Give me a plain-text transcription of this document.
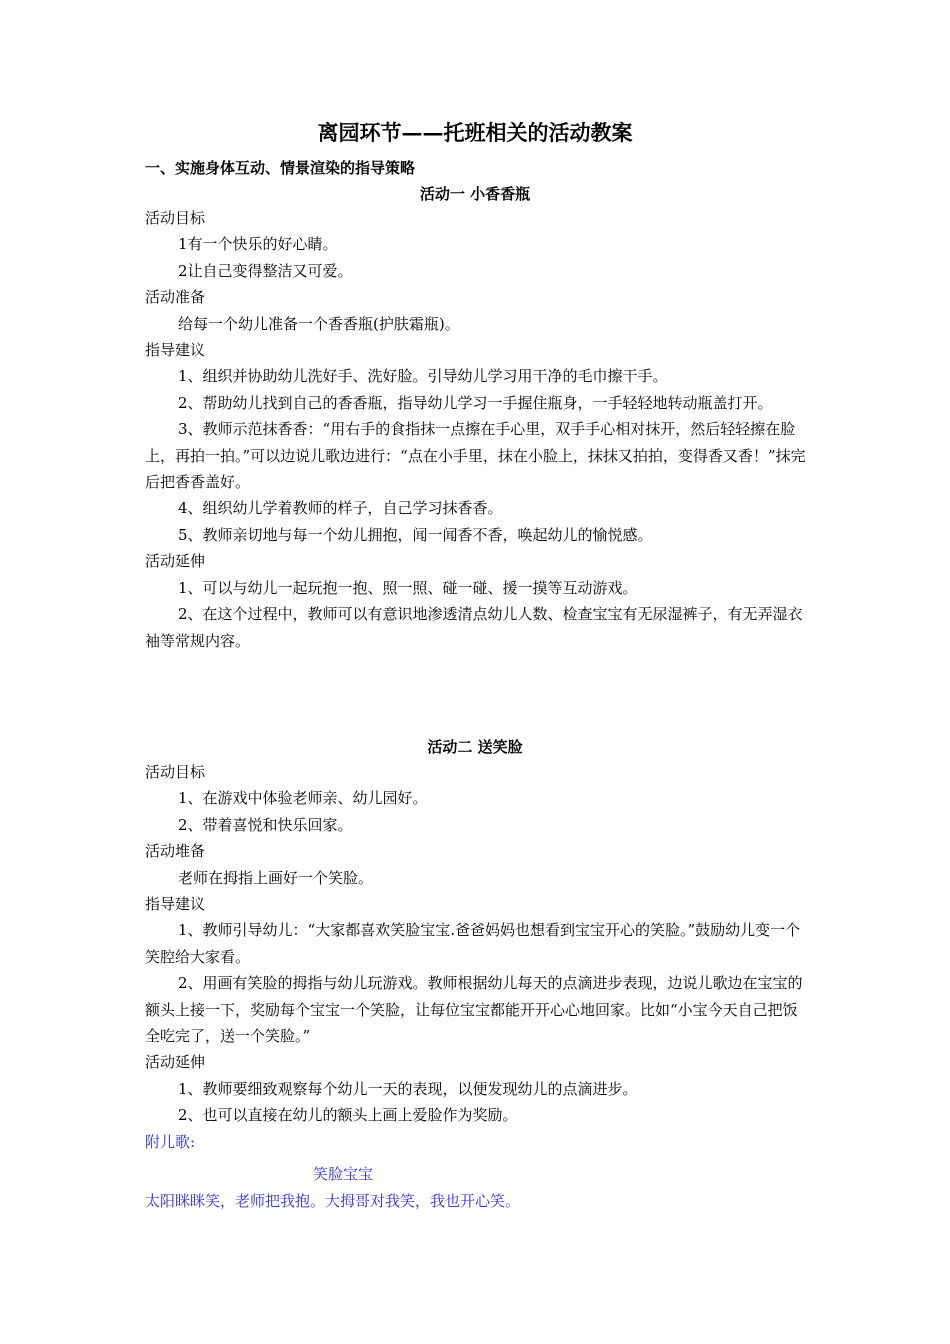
离园环节——托班相关的活动教案
一、实施身体互动、情景渲染的指导策略
活动一 小香香瓶

活动目标

1有一个快乐的好心睛。

2让自己变得整洁又可爱。

活动准备

给每一个幼儿准备一个香香瓶(护肤霜瓶)。

指导建议

1、组织并协助幼儿洗好手、洗好脸。引导幼儿学习用干净的毛巾擦干手。

2、帮助幼儿找到自己的香香瓶，指导幼儿学习一手握住瓶身，一手轻轻地转动瓶盖打开。

3、教师示范抹香香：“用右手的食指抹一点擦在手心里，双手手心相对抹开，然后轻轻擦在脸上，再拍一拍。”可以边说儿歌边进行：“点在小手里，抹在小脸上，抹抹又拍拍，变得香又香！”抹完后把香香盖好。

4、组织幼儿学着教师的样子，自己学习抹香香。

5、教师亲切地与每一个幼儿拥抱，闻一闻香不香，唤起幼儿的愉悦感。

活动延伸

1、可以与幼儿一起玩抱一抱、照一照、碰一碰、援一摸等互动游戏。

2、在这个过程中，教师可以有意识地渗透清点幼儿人数、检查宝宝有无尿湿裤子，有无弄湿衣袖等常规内容。

活动二 送笑脸

活动目标

1、在游戏中体验老师亲、幼儿园好。

2、带着喜悦和快乐回家。

活动堆备

老师在拇指上画好一个笑脸。

指导建议

1、教师引导幼儿：“大家都喜欢笑脸宝宝.爸爸妈妈也想看到宝宝开心的笑脸。”鼓励幼儿变一个笑腔给大家看。

2、用画有笑脸的拇指与幼儿玩游戏。教师根据幼儿每天的点滴进步表现，边说儿歌边在宝宝的额头上接一下，奖励每个宝宝一个笑脸，让每位宝宝都能开开心心地回家。比如“小宝今天自己把饭全吃完了，送一个笑脸。”

活动延伸

1、教师要细致观察每个幼儿一天的表现，以便发现幼儿的点滴进步。

2、也可以直接在幼儿的额头上画上爱脸作为奖励。

附儿歌:

笑脸宝宝

太阳眯眯笑，老师把我抱。大拇哥对我笑，我也开心笑。
